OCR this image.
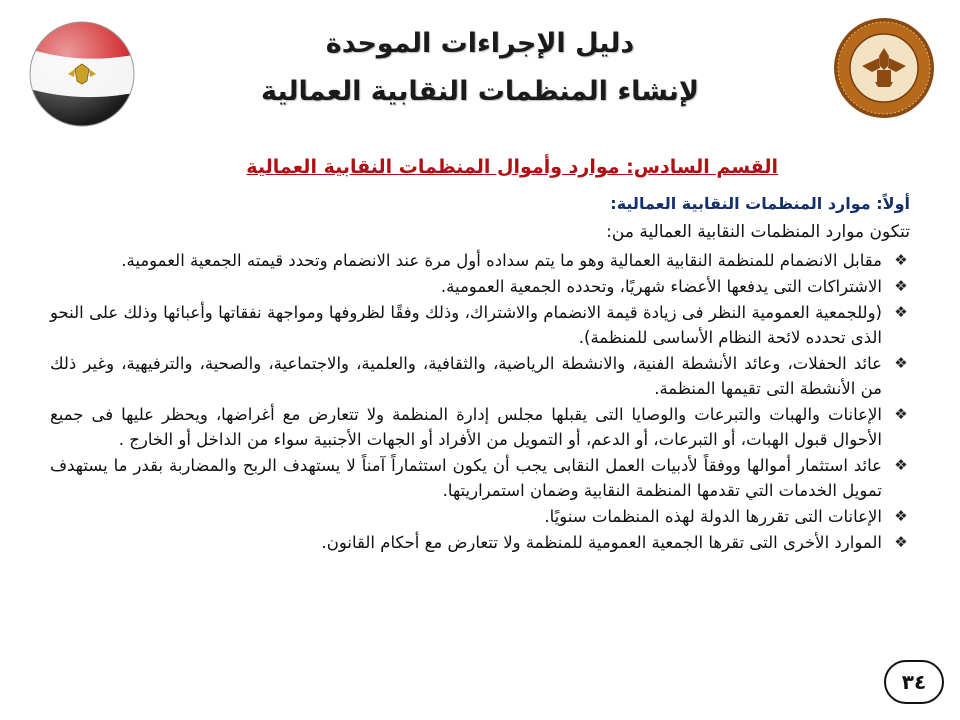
دليل الإجراءات الموحدة
لإنشاء المنظمات النقابية العمالية
القسم السادس: موارد وأموال المنظمات النقابية العمالية
أولاً: موارد المنظمات النقابية العمالية:
تتكون موارد المنظمات النقابية العمالية من:
❖
مقابل الانضمام للمنظمة النقابية العمالية وهو ما يتم سداده أول مرة عند الانضمام وتحدد قيمته الجمعية العمومية.
❖
الاشتراكات التى يدفعها الأعضاء شهريًا، وتحدده الجمعية العمومية.
❖
(وللجمعية العمومية النظر فى زيادة قيمة الانضمام والاشتراك، وذلك وفقًا لظروفها ومواجهة نفقاتها وأعبائها وذلك على النحو الذى تحدده لائحة النظام الأساسى للمنظمة).
❖
عائد الحفلات، وعائد الأنشطة الفنية، والانشطة الرياضية، والثقافية، والعلمية، والاجتماعية، والصحية، والترفيهية، وغير ذلك من الأنشطة التى تقيمها المنظمة.
❖
الإعانات والهبات والتبرعات والوصايا التى يقبلها مجلس إدارة المنظمة ولا تتعارض مع أغراضها، ويحظر عليها فى جميع الأحوال قبول الهبات، أو التبرعات، أو الدعم، أو التمويل من الأفراد أو الجهات الأجنبية سواء من الداخل أو الخارج .
❖
عائد استثمار أموالها ووفقاً لأدبيات العمل النقابى يجب أن يكون استثماراً آمناً لا يستهدف الربح والمضاربة بقدر ما يستهدف تمويل الخدمات التي تقدمها المنظمة النقابية وضمان استمراريتها.
❖
الإعانات التى تقررها الدولة لهذه المنظمات سنويًا.
❖
الموارد الأخرى التى تقرها الجمعية العمومية للمنظمة ولا تتعارض مع أحكام القانون.
٣٤
